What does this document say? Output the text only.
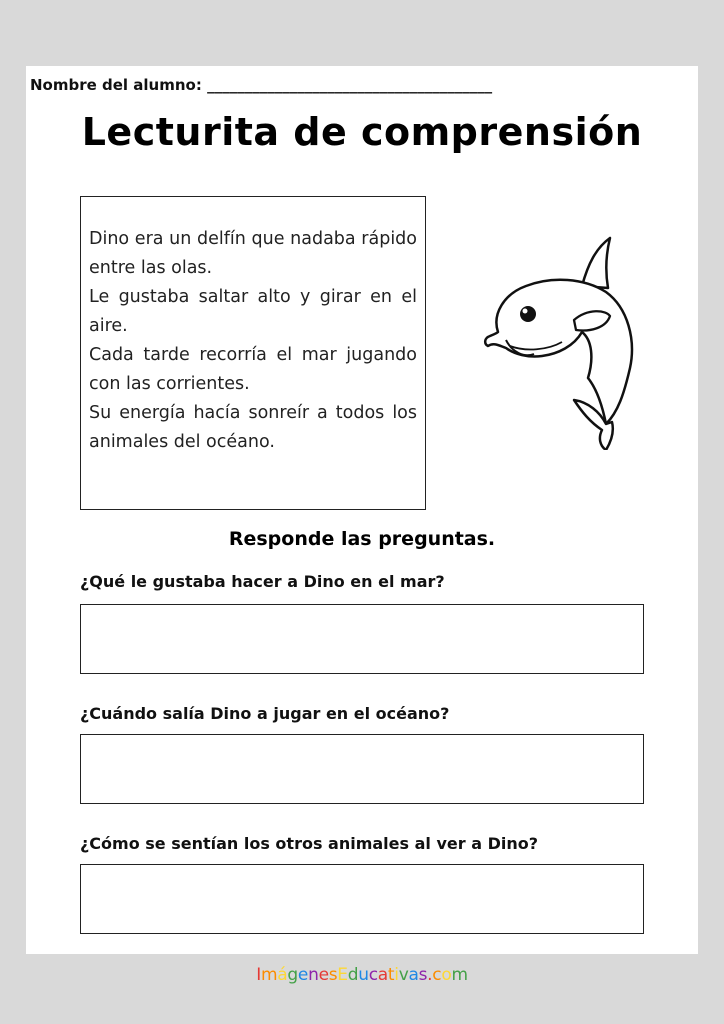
Nombre del alumno: ______________________________________
Lecturita de comprensión

Dino era un delfín que nadaba rápido entre las olas.
Le gustaba saltar alto y girar en el aire.
Cada tarde recorría el mar jugando con las corrientes.
Su energía hacía sonreír a todos los animales del océano.

Responde las preguntas.
¿Qué le gustaba hacer a Dino en el mar?
¿Cuándo salía Dino a jugar en el océano?
¿Cómo se sentían los otros animales al ver a Dino?
ImágenesEducativas.com
